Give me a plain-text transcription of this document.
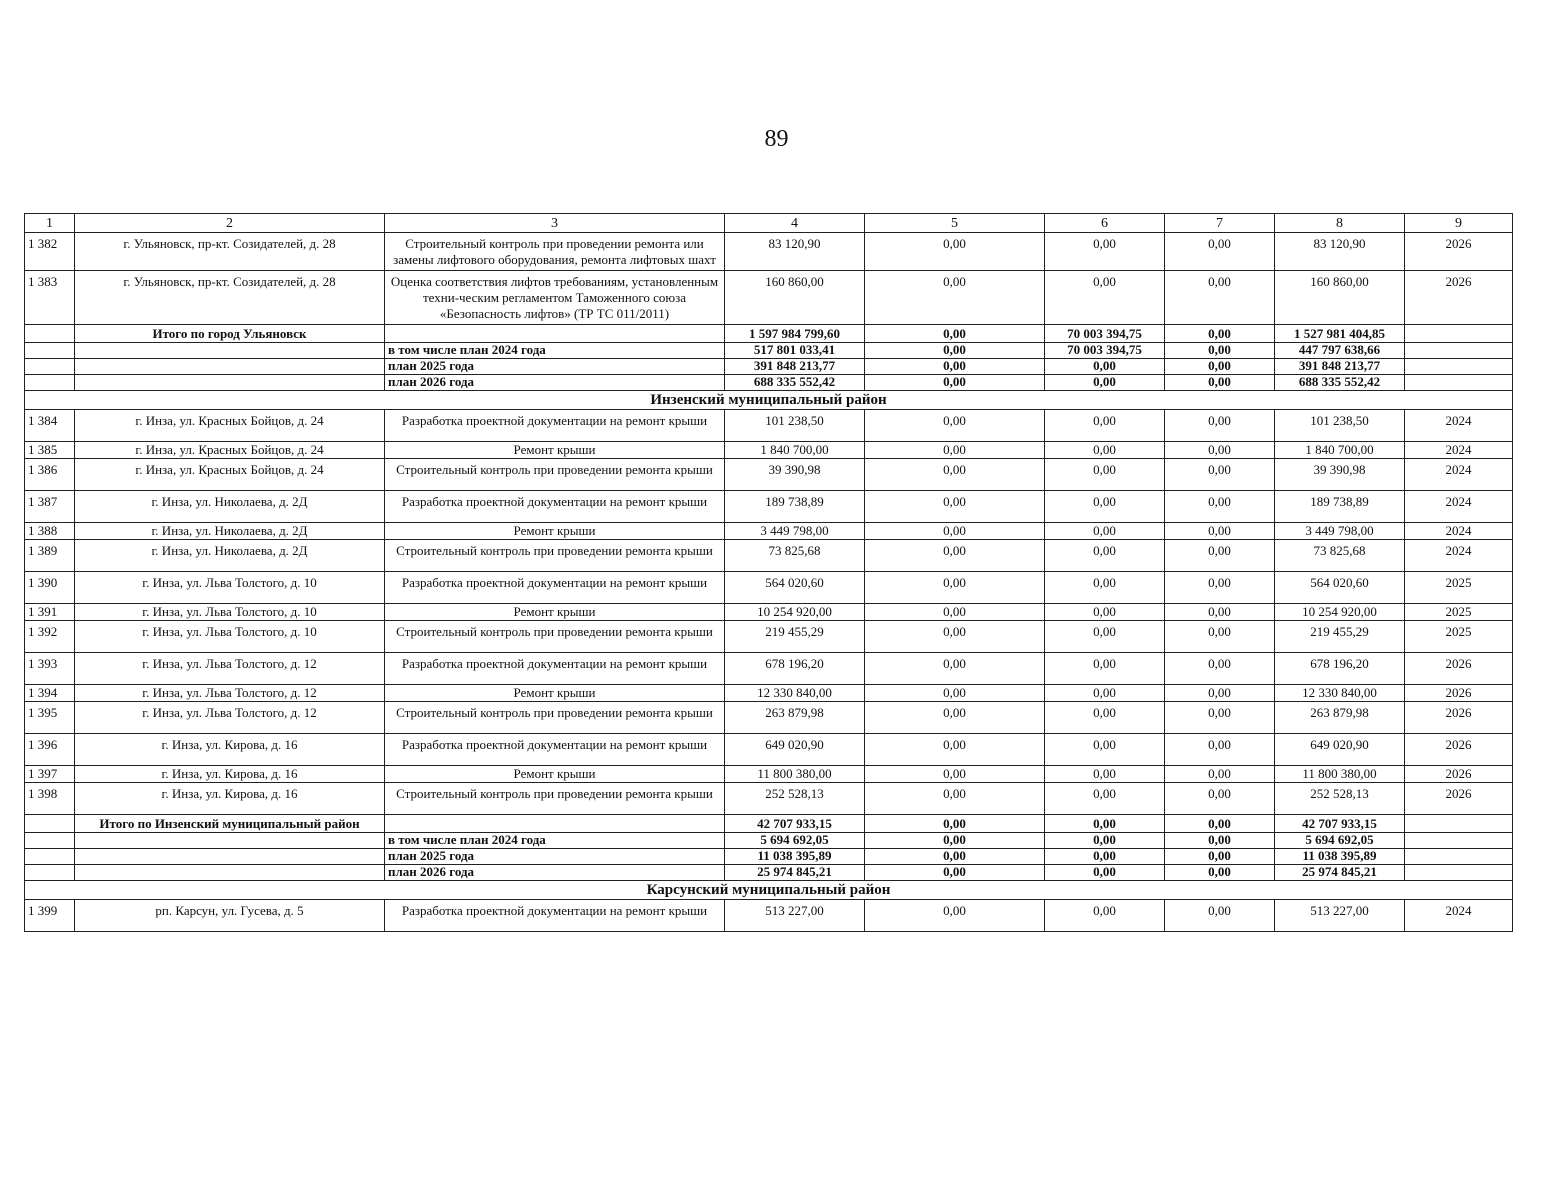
89
1	2	3	4	5	6	7	8	9
1 382	г. Ульяновск, пр-кт. Созидателей, д. 28	Строительный контроль при проведении ремонта или замены лифтового оборудования, ремонта лифтовых шахт	83 120,90	0,00	0,00	0,00	83 120,90	2026
1 383	г. Ульяновск, пр-кт. Созидателей, д. 28	Оценка соответствия лифтов требованиям, установленным техни-ческим регламентом Таможенного союза «Безопасность лифтов» (ТР ТС 011/2011)	160 860,00	0,00	0,00	0,00	160 860,00	2026
	Итого по город Ульяновск		1 597 984 799,60	0,00	70 003 394,75	0,00	1 527 981 404,85	
		в том числе план 2024 года	517 801 033,41	0,00	70 003 394,75	0,00	447 797 638,66	
		план 2025 года	391 848 213,77	0,00	0,00	0,00	391 848 213,77	
		план 2026 года	688 335 552,42	0,00	0,00	0,00	688 335 552,42	
Инзенский муниципальный район								
1 384	г. Инза, ул. Красных Бойцов, д. 24	Разработка проектной документации на ремонт крыши	101 238,50	0,00	0,00	0,00	101 238,50	2024
1 385	г. Инза, ул. Красных Бойцов, д. 24	Ремонт крыши	1 840 700,00	0,00	0,00	0,00	1 840 700,00	2024
1 386	г. Инза, ул. Красных Бойцов, д. 24	Строительный контроль при проведении ремонта крыши	39 390,98	0,00	0,00	0,00	39 390,98	2024
1 387	г. Инза, ул. Николаева, д. 2Д	Разработка проектной документации на ремонт крыши	189 738,89	0,00	0,00	0,00	189 738,89	2024
1 388	г. Инза, ул. Николаева, д. 2Д	Ремонт крыши	3 449 798,00	0,00	0,00	0,00	3 449 798,00	2024
1 389	г. Инза, ул. Николаева, д. 2Д	Строительный контроль при проведении ремонта крыши	73 825,68	0,00	0,00	0,00	73 825,68	2024
1 390	г. Инза, ул. Льва Толстого, д. 10	Разработка проектной документации на ремонт крыши	564 020,60	0,00	0,00	0,00	564 020,60	2025
1 391	г. Инза, ул. Льва Толстого, д. 10	Ремонт крыши	10 254 920,00	0,00	0,00	0,00	10 254 920,00	2025
1 392	г. Инза, ул. Льва Толстого, д. 10	Строительный контроль при проведении ремонта крыши	219 455,29	0,00	0,00	0,00	219 455,29	2025
1 393	г. Инза, ул. Льва Толстого, д. 12	Разработка проектной документации на ремонт крыши	678 196,20	0,00	0,00	0,00	678 196,20	2026
1 394	г. Инза, ул. Льва Толстого, д. 12	Ремонт крыши	12 330 840,00	0,00	0,00	0,00	12 330 840,00	2026
1 395	г. Инза, ул. Льва Толстого, д. 12	Строительный контроль при проведении ремонта крыши	263 879,98	0,00	0,00	0,00	263 879,98	2026
1 396	г. Инза, ул. Кирова, д. 16	Разработка проектной документации на ремонт крыши	649 020,90	0,00	0,00	0,00	649 020,90	2026
1 397	г. Инза, ул. Кирова, д. 16	Ремонт крыши	11 800 380,00	0,00	0,00	0,00	11 800 380,00	2026
1 398	г. Инза, ул. Кирова, д. 16	Строительный контроль при проведении ремонта крыши	252 528,13	0,00	0,00	0,00	252 528,13	2026
	Итого по Инзенский муниципальный район		42 707 933,15	0,00	0,00	0,00	42 707 933,15	
		в том числе план 2024 года	5 694 692,05	0,00	0,00	0,00	5 694 692,05	
		план 2025 года	11 038 395,89	0,00	0,00	0,00	11 038 395,89	
		план 2026 года	25 974 845,21	0,00	0,00	0,00	25 974 845,21	
Карсунский муниципальный район								
1 399	рп. Карсун, ул. Гусева, д. 5	Разработка проектной документации на ремонт крыши	513 227,00	0,00	0,00	0,00	513 227,00	2024
